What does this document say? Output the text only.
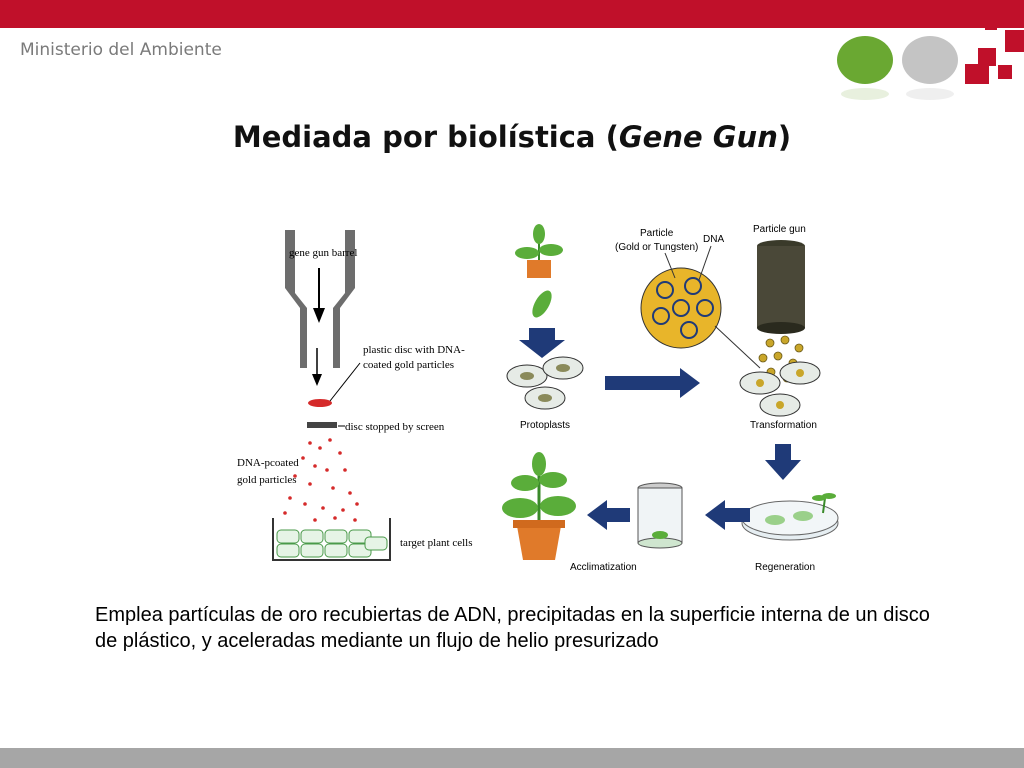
Ministerio del Ambiente
Mediada por biolística (Gene Gun)
gene gun barrel
plastic disc with DNA-
coated gold particles
disc stopped by screen
DNA-pcoated
gold particles
target plant cells
Protoplasts
Particle
(Gold or Tungsten)
DNA
Particle gun
Transformation
Regeneration
Acclimatization
Emplea partículas de oro recubiertas de ADN, precipitadas en la superficie interna de un disco de plástico, y aceleradas mediante un flujo de helio presurizado
